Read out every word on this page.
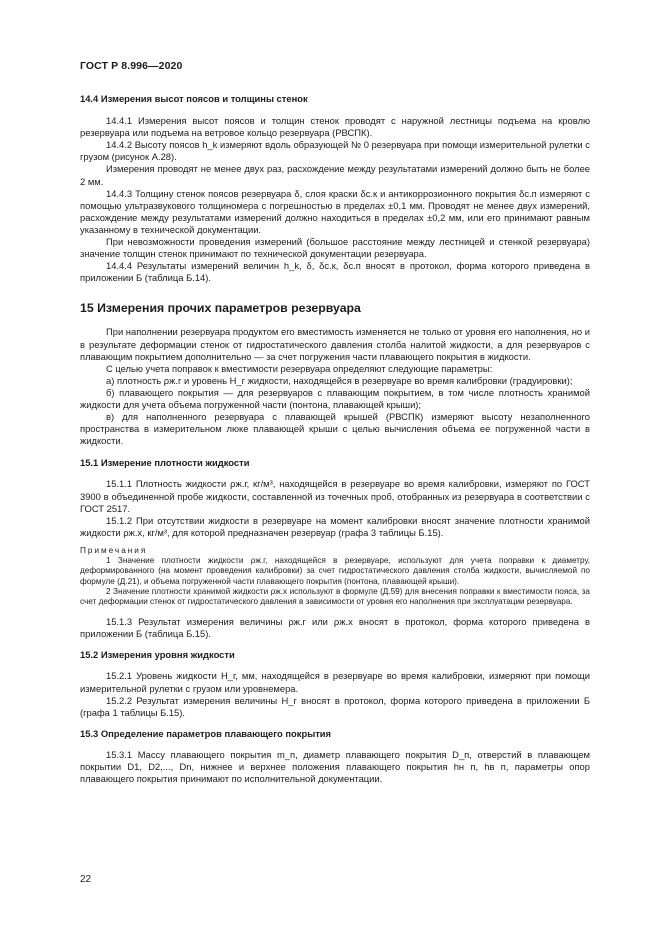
ГОСТ Р 8.996—2020

14.4 Измерения высот поясов и толщины стенок

14.4.1 Измерения высот поясов и толщин стенок проводят с наружной лестницы подъема на кровлю резервуара или подъема на ветровое кольцо резервуара (РВСПК).

14.4.2 Высоту поясов h_k измеряют вдоль образующей № 0 резервуара при помощи измерительной рулетки с грузом (рисунок А.28).

Измерения проводят не менее двух раз, расхождение между результатами измерений должно быть не более 2 мм.

14.4.3 Толщину стенок поясов резервуара δ, слоя краски δс.к и антикоррозионного покрытия δс.п измеряют с помощью ультразвукового толщиномера с погрешностью в пределах ±0,1 мм. Проводят не менее двух измерений, расхождение между результатами измерений должно находиться в пределах ±0,2 мм, или его принимают равным указанному в технической документации.

При невозможности проведения измерений (большое расстояние между лестницей и стенкой резервуара) значение толщин стенок принимают по технической документации резервуара.

14.4.4 Результаты измерений величин h_k, δ, δс.к, δс.п вносят в протокол, форма которого приведена в приложении Б (таблица Б.14).

15 Измерения прочих параметров резервуара

При наполнении резервуара продуктом его вместимость изменяется не только от уровня его наполнения, но и в результате деформации стенок от гидростатического давления столба налитой жидкости, а для резервуаров с плавающим покрытием дополнительно — за счет погружения части плавающего покрытия в жидкости.

С целью учета поправок к вместимости резервуара определяют следующие параметры:

а) плотность ρж.г и уровень H_г жидкости, находящейся в резервуаре во время калибровки (градуировки);

б) плавающего покрытия — для резервуаров с плавающим покрытием, в том числе плотность хранимой жидкости для учета объема погруженной части (понтона, плавающей крыши);

в) для наполненного резервуара с плавающей крышей (РВСПК) измеряют высоту незаполненного пространства в измерительном люке плавающей крыши с целью вычисления объема ее погруженной части в жидкости.

15.1 Измерение плотности жидкости

15.1.1 Плотность жидкости ρж.г, кг/м³, находящейся в резервуаре во время калибровки, измеряют по ГОСТ 3900 в объединенной пробе жидкости, составленной из точечных проб, отобранных из резервуара в соответствии с ГОСТ 2517.

15.1.2 При отсутствии жидкости в резервуаре на момент калибровки вносят значение плотности хранимой жидкости ρж.х, кг/м³, для которой предназначен резервуар (графа 3 таблицы Б.15).

Примечания

1 Значение плотности жидкости ρж.г, находящейся в резервуаре, используют для учета поправки к диаметру, деформированного (на момент проведения калибровки) за счет гидростатического давления столба жидкости, вычисляемой по формуле (Д.21), и объема погруженной части плавающего покрытия (понтона, плавающей крыши).

2 Значение плотности хранимой жидкости ρж.х используют в формуле (Д.59) для внесения поправки к вместимости пояса, за счет деформации стенок от гидростатического давления в зависимости от уровня его наполнения при эксплуатации резервуара.

15.1.3 Результат измерения величины ρж.г или ρж.х вносят в протокол, форма которого приведена в приложении Б (таблица Б.15).

15.2 Измерения уровня жидкости

15.2.1 Уровень жидкости H_г, мм, находящейся в резервуаре во время калибровки, измеряют при помощи измерительной рулетки с грузом или уровнемера.

15.2.2 Результат измерения величины H_г вносят в протокол, форма которого приведена в приложении Б (графа 1 таблицы Б.15).

15.3 Определение параметров плавающего покрытия

15.3.1 Массу плавающего покрытия m_п, диаметр плавающего покрытия D_п, отверстий в плавающем покрытии D1, D2,..., Dn, нижнее и верхнее положения плавающего покрытия hн п, hв п, параметры опор плавающего покрытия принимают по исполнительной документации.

22
